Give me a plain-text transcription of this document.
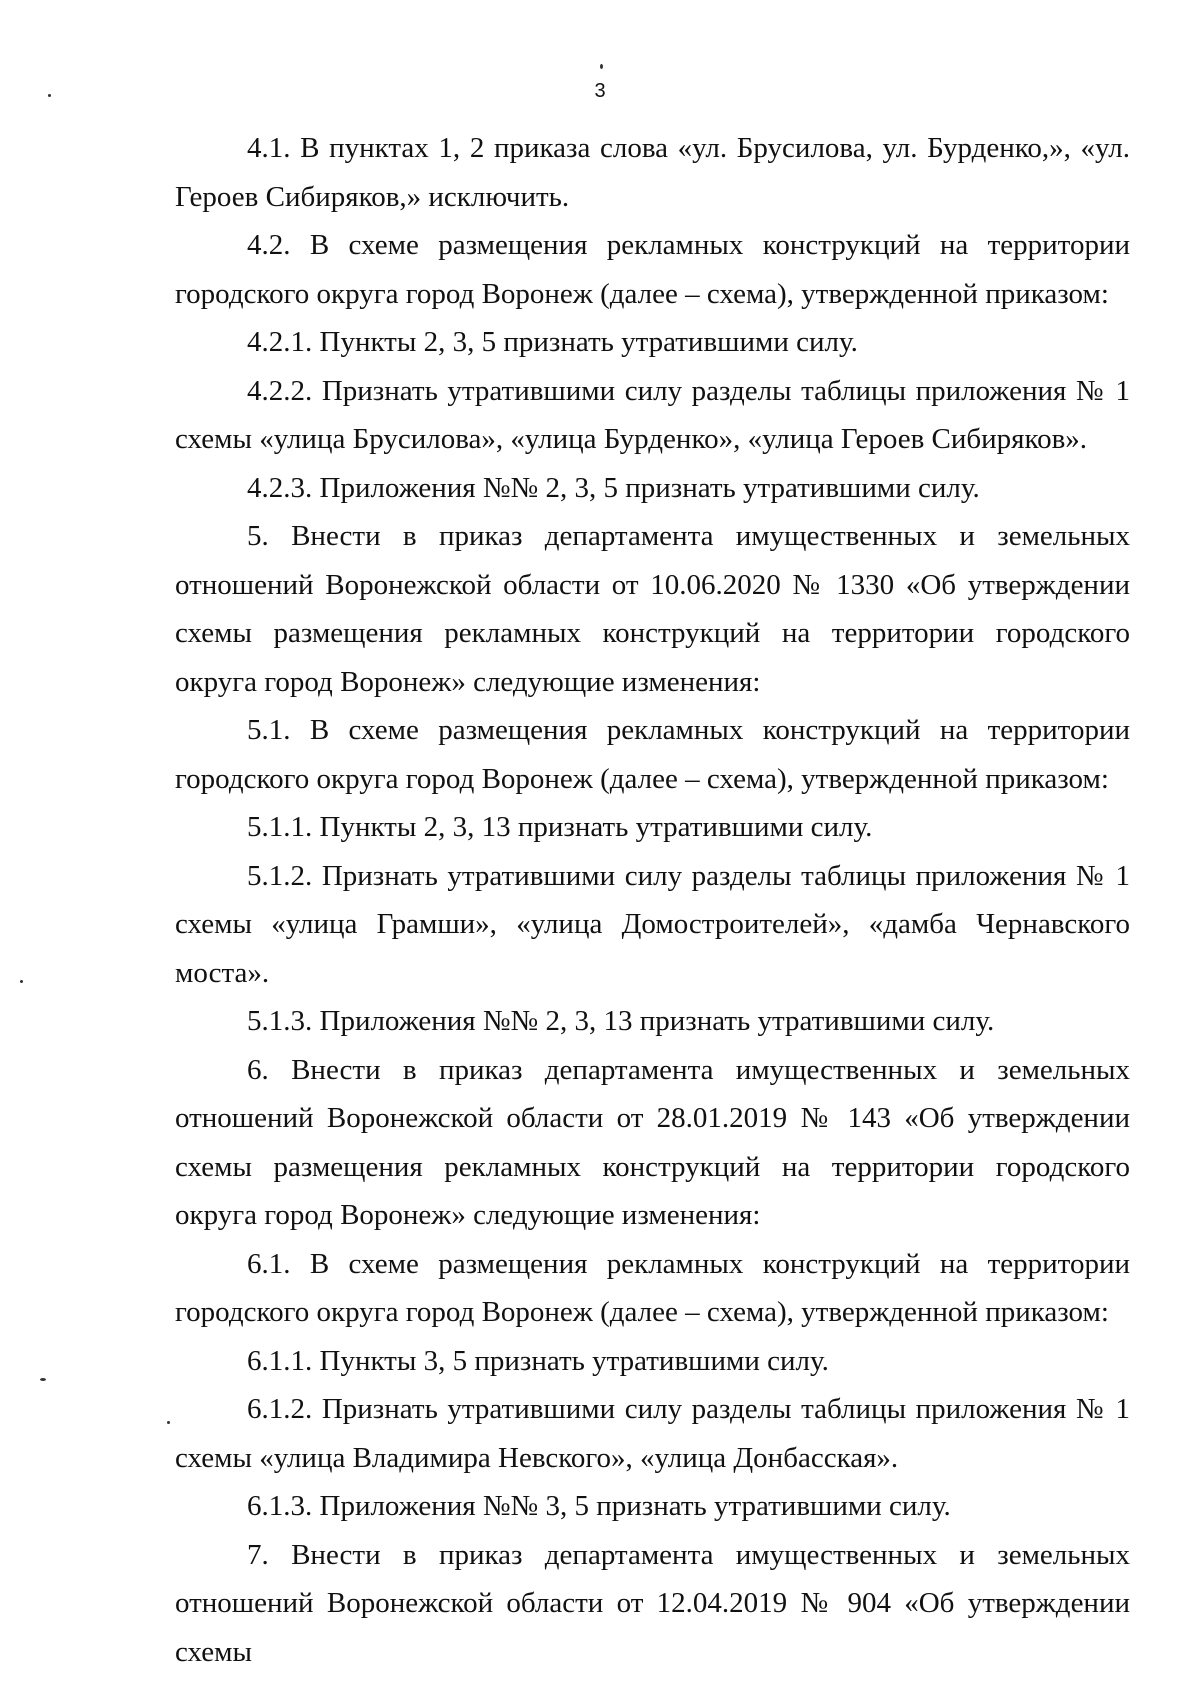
3

4.1. В пунктах 1, 2 приказа слова «ул. Брусилова, ул. Бурденко,», «ул. Героев Сибиряков,» исключить.

4.2. В схеме размещения рекламных конструкций на территории городского округа город Воронеж (далее – схема), утвержденной приказом:

4.2.1. Пункты 2, 3, 5 признать утратившими силу.

4.2.2. Признать утратившими силу разделы таблицы приложения № 1 схемы «улица Брусилова», «улица Бурденко», «улица Героев Сибиряков».

4.2.3. Приложения №№ 2, 3, 5 признать утратившими силу.

5. Внести в приказ департамента имущественных и земельных отношений Воронежской области от 10.06.2020 № 1330 «Об утверждении схемы размещения рекламных конструкций на территории городского округа город Воронеж» следующие изменения:

5.1. В схеме размещения рекламных конструкций на территории городского округа город Воронеж (далее – схема), утвержденной приказом:

5.1.1. Пункты 2, 3, 13 признать утратившими силу.

5.1.2. Признать утратившими силу разделы таблицы приложения № 1 схемы «улица Грамши», «улица Домостроителей», «дамба Чернавского моста».

5.1.3. Приложения №№ 2, 3, 13 признать утратившими силу.

6. Внести в приказ департамента имущественных и земельных отношений Воронежской области от 28.01.2019 № 143 «Об утверждении схемы размещения рекламных конструкций на территории городского округа город Воронеж» следующие изменения:

6.1. В схеме размещения рекламных конструкций на территории городского округа город Воронеж (далее – схема), утвержденной приказом:

6.1.1. Пункты 3, 5 признать утратившими силу.

6.1.2. Признать утратившими силу разделы таблицы приложения № 1 схемы «улица Владимира Невского», «улица Донбасская».

6.1.3. Приложения №№ 3, 5 признать утратившими силу.

7. Внести в приказ департамента имущественных и земельных отношений Воронежской области от 12.04.2019 № 904 «Об утверждении схемы
